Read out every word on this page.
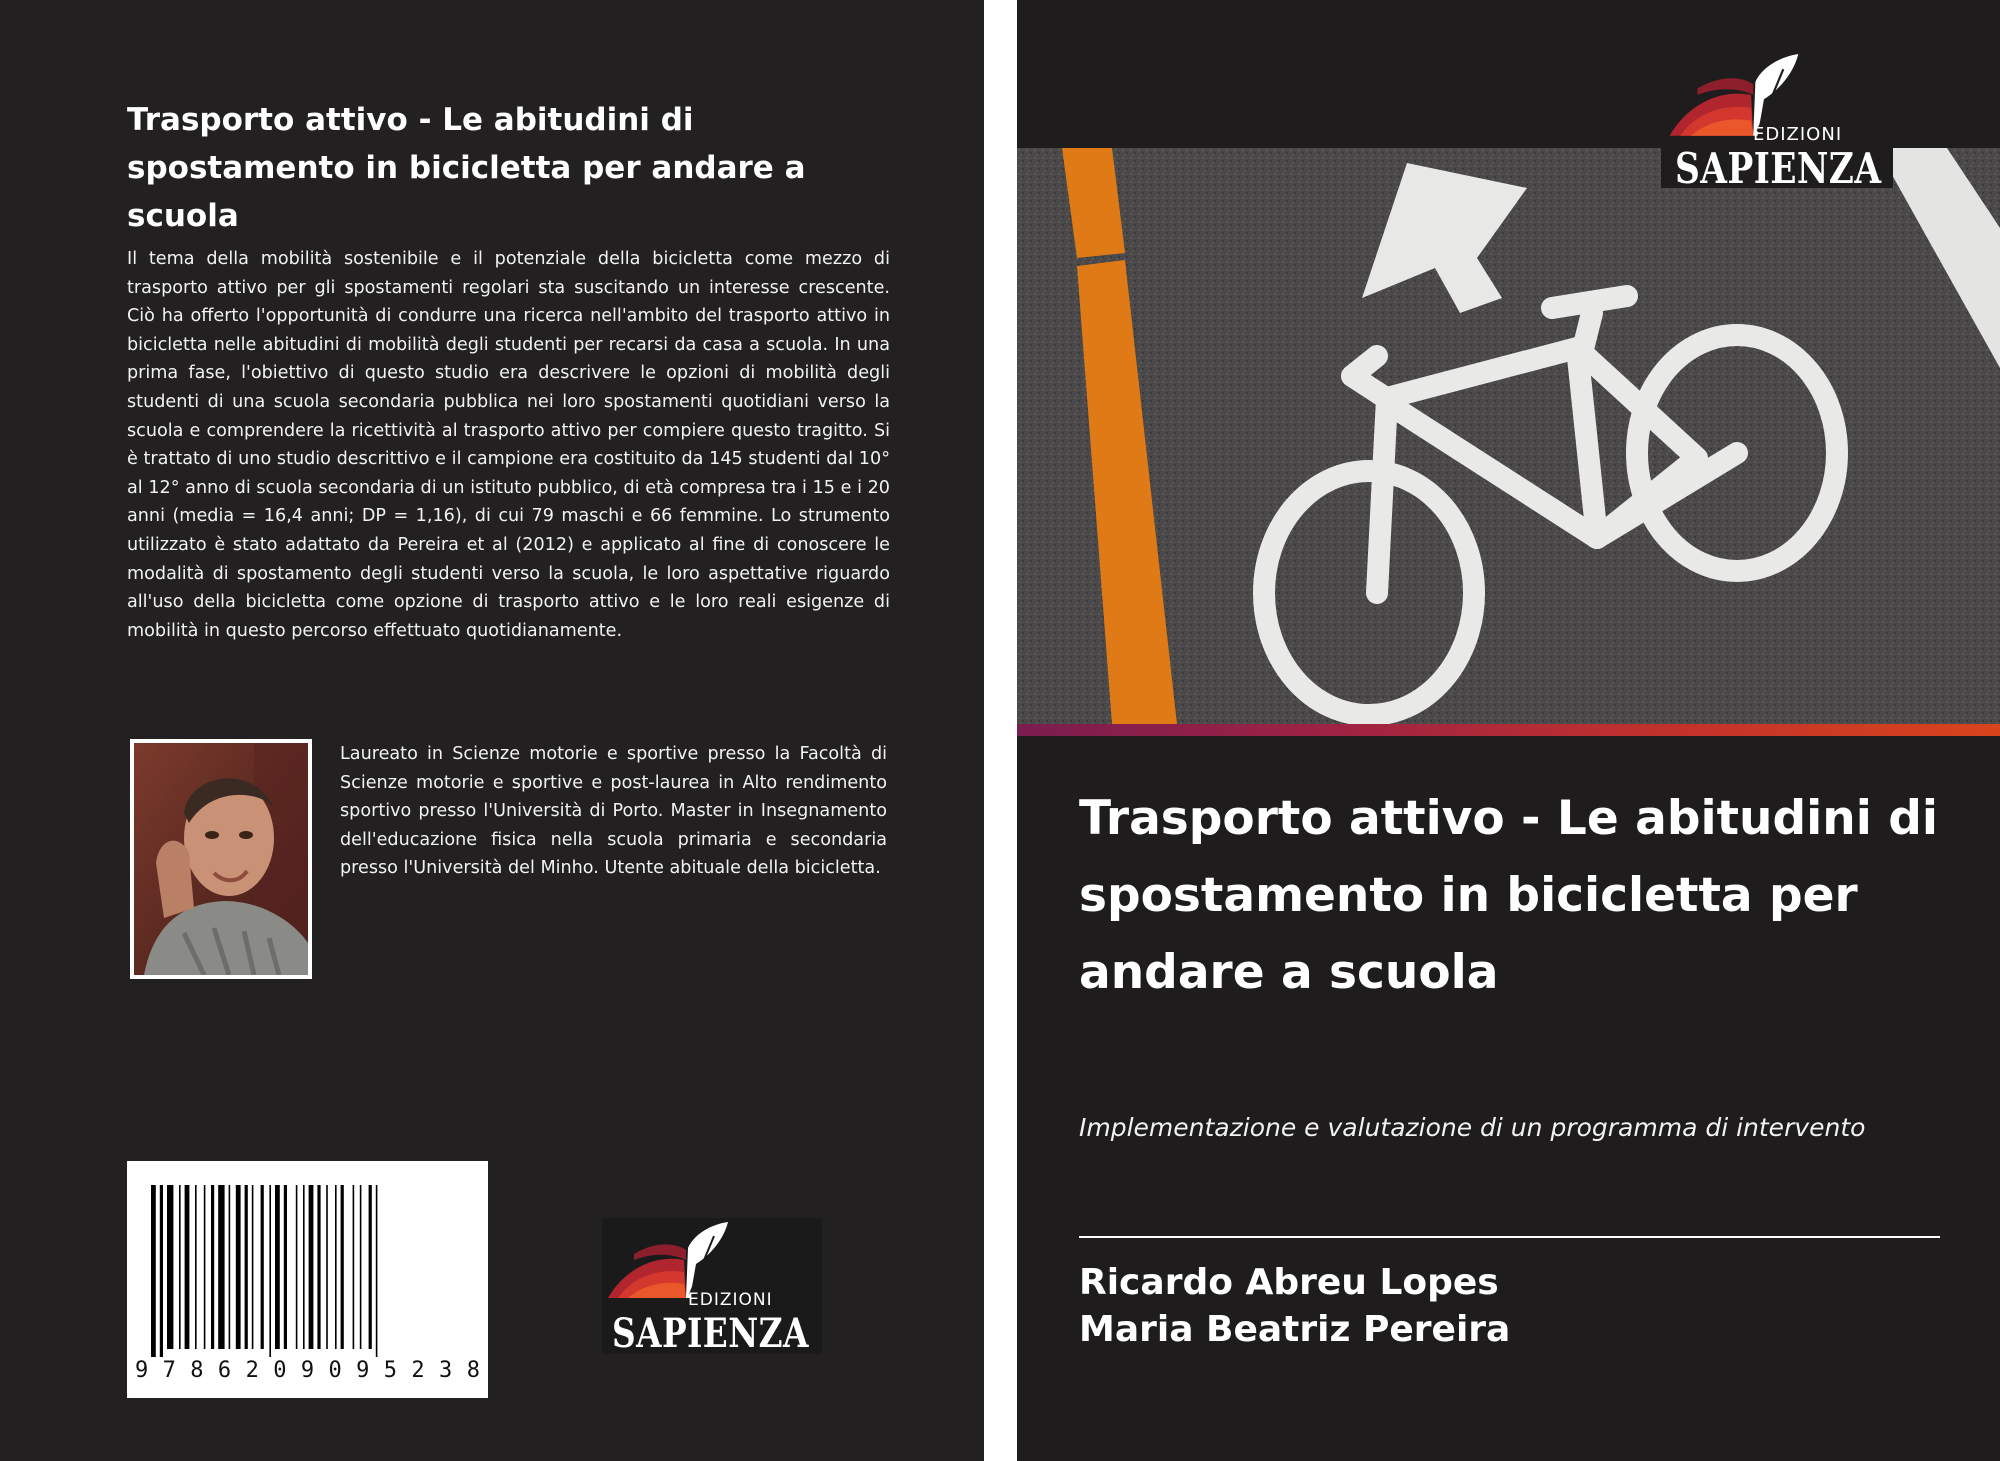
Trasporto attivo - Le abitudini di spostamento in bicicletta per andare a scuola

Il tema della mobilità sostenibile e il potenziale della bicicletta come mezzo di trasporto attivo per gli spostamenti regolari sta suscitando un interesse crescente. Ciò ha offerto l'opportunità di condurre una ricerca nell'ambito del trasporto attivo in bicicletta nelle abitudini di mobilità degli studenti per recarsi da casa a scuola. In una prima fase, l'obiettivo di questo studio era descrivere le opzioni di mobilità degli studenti di una scuola secondaria pubblica nei loro spostamenti quotidiani verso la scuola e comprendere la ricettività al trasporto attivo per compiere questo tragitto. Si è trattato di uno studio descrittivo e il campione era costituito da 145 studenti dal 10° al 12° anno di scuola secondaria di un istituto pubblico, di età compresa tra i 15 e i 20 anni (media = 16,4 anni; DP = 1,16), di cui 79 maschi e 66 femmine. Lo strumento utilizzato è stato adattato da Pereira et al (2012) e applicato al fine di conoscere le modalità di spostamento degli studenti verso la scuola, le loro aspettative riguardo all'uso della bicicletta come opzione di trasporto attivo e le loro reali esigenze di mobilità in questo percorso effettuato quotidianamente.

Laureato in Scienze motorie e sportive presso la Facoltà di Scienze motorie e sportive e post-laurea in Alto rendimento sportivo presso l'Università di Porto. Master in Insegnamento dell'educazione fisica nella scuola primaria e secondaria presso l'Università del Minho. Utente abituale della bicicletta.

9 7 8 6 2 0 9 0 9 5 2 3 8
EDIZIONI
SAPIENZA
EDIZIONI
SAPIENZA
Trasporto attivo - Le abitudini di spostamento in bicicletta per andare a scuola

Implementazione e valutazione di un programma di intervento

Ricardo Abreu Lopes

Maria Beatriz Pereira
